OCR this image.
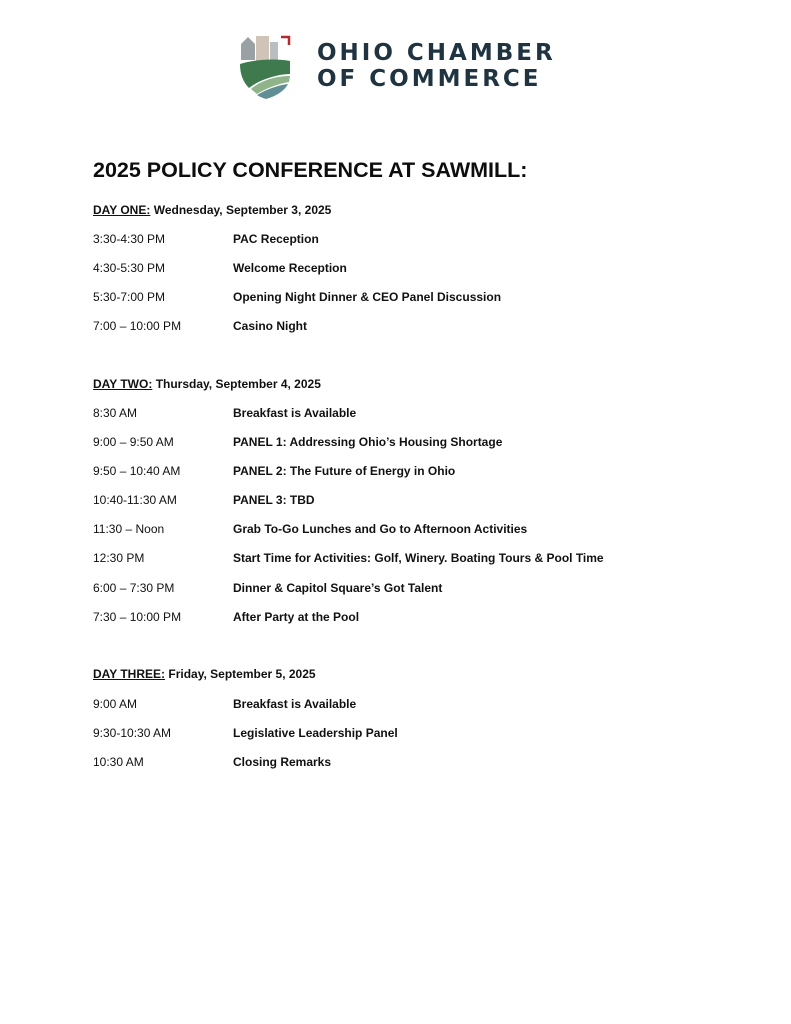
OHIO CHAMBER
OF COMMERCE
2025 POLICY CONFERENCE AT SAWMILL:
DAY ONE: Wednesday, September 3, 2025
3:30-4:30 PM	PAC Reception
4:30-5:30 PM	Welcome Reception
5:30-7:00 PM	Opening Night Dinner & CEO Panel Discussion
7:00 – 10:00 PM	Casino Night
DAY TWO: Thursday, September 4, 2025
8:30 AM	Breakfast is Available
9:00 – 9:50 AM	PANEL 1: Addressing Ohio’s Housing Shortage
9:50 – 10:40 AM	PANEL 2: The Future of Energy in Ohio
10:40-11:30 AM	PANEL 3: TBD
11:30 – Noon	Grab To-Go Lunches and Go to Afternoon Activities
12:30 PM	Start Time for Activities: Golf, Winery. Boating Tours & Pool Time
6:00 – 7:30 PM	Dinner & Capitol Square’s Got Talent
7:30 – 10:00 PM	After Party at the Pool
DAY THREE: Friday, September 5, 2025
9:00 AM	Breakfast is Available
9:30-10:30 AM	Legislative Leadership Panel
10:30 AM	Closing Remarks
